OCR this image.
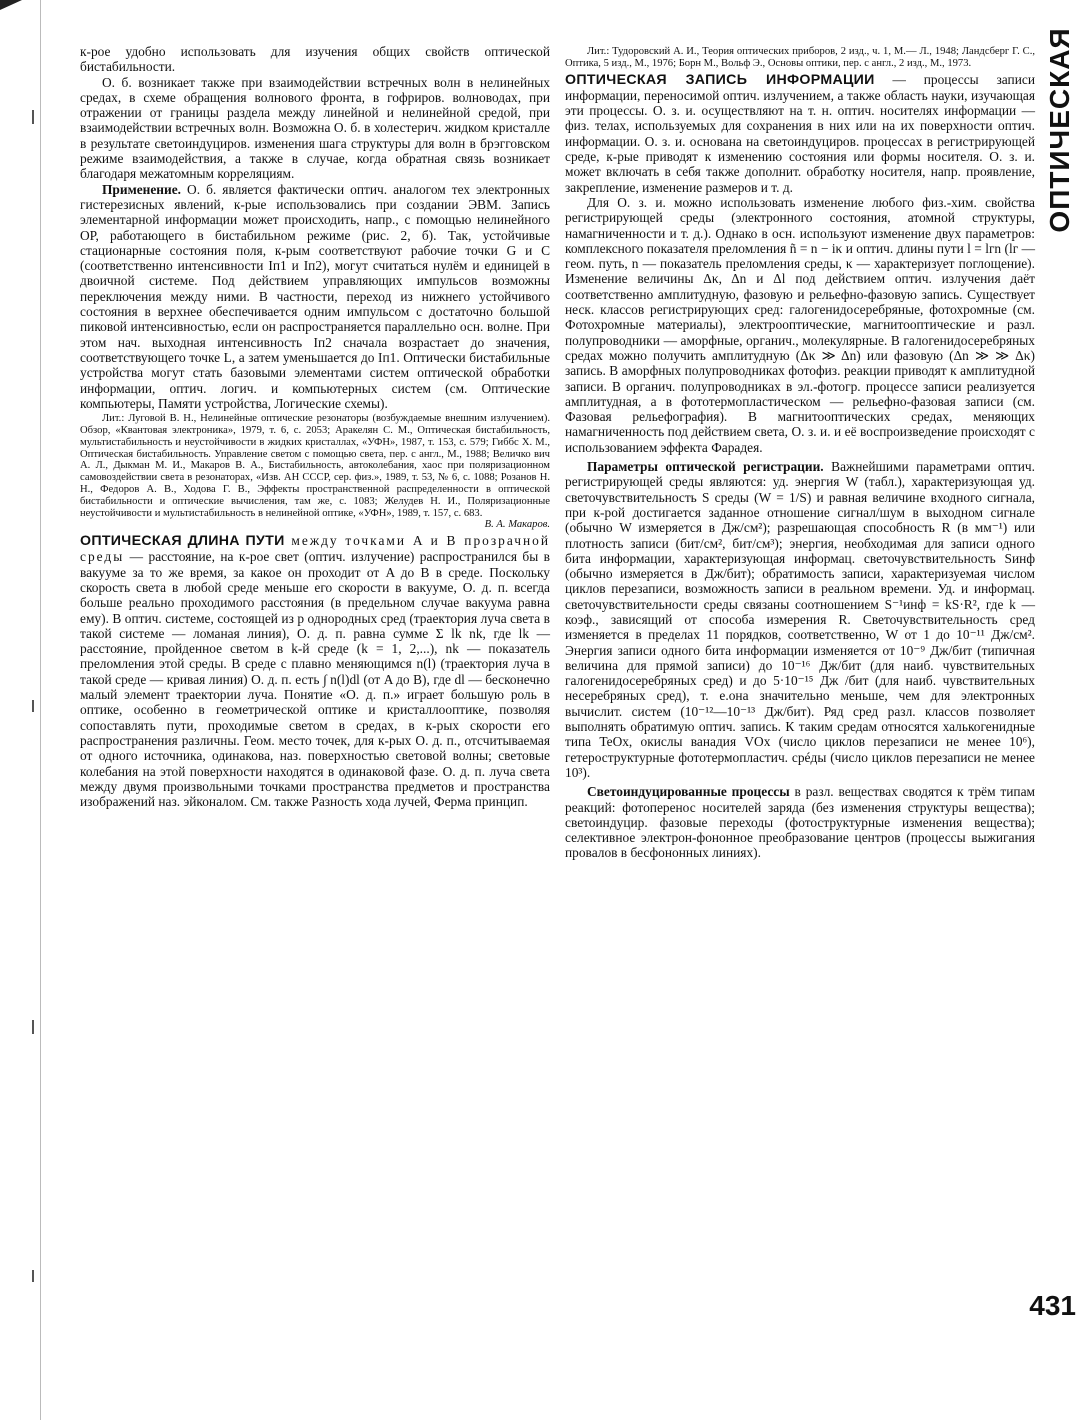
к-рое удобно использовать для изучения общих свойств оптической бистабильности.

О. б. возникает также при взаимодействии встречных волн в нелинейных средах, в схеме обращения волнового фронта, в гофриров. волноводах, при отражении от границы раздела между линейной и нелинейной средой, при взаимодействии встречных волн. Возможна О. б. в холестерич. жидком кристалле в результате светоиндуциров. изменения шага структуры для волн в брэгговском режиме взаимодействия, а также в случае, когда обратная связь возникает благодаря межатомным корреляциям.

Применение. О. б. является фактически оптич. аналогом тех электронных гистерезисных явлений, к-рые использовались при создании ЭВМ. Запись элементарной информации может происходить, напр., с помощью нелинейного ОР, работающего в бистабильном режиме (рис. 2, б). Так, устойчивые стационарные состояния поля, к-рым соответствуют рабочие точки G и C (соответственно интенсивности Iп1 и Iп2), могут считаться нулём и единицей в двоичной системе. Под действием управляющих импульсов возможны переключения между ними. В частности, переход из нижнего устойчивого состояния в верхнее обеспечивается одним импульсом с достаточно большой пиковой интенсивностью, если он распространяется параллельно осн. волне. При этом нач. выходная интенсивность Iп2 сначала возрастает до значения, соответствующего точке L, а затем уменьшается до Iп1. Оптически бистабильные устройства могут стать базовыми элементами систем оптической обработки информации, оптич. логич. и компьютерных систем (см. Оптические компьютеры, Памяти устройства, Логические схемы).

Лит.: Луговой В. Н., Нелинейные оптические резонаторы (возбуждаемые внешним излучением). Обзор, «Квантовая электроника», 1979, т. 6, с. 2053; Аракелян С. М., Оптическая бистабильность, мультистабильность и неустойчивости в жидких кристаллах, «УФН», 1987, т. 153, с. 579; Гиббс Х. М., Оптическая бистабильность. Управление светом с помощью света, пер. с англ., М., 1988; Величко вич А. Л., Дыкман М. И., Макаров В. А., Бистабильность, автоколебания, хаос при поляризационном самовоздействии света в резонаторах, «Изв. АН СССР, сер. физ.», 1989, т. 53, № 6, с. 1088; Розанов Н. Н., Федоров А. В., Ходова Г. В., Эффекты пространственной распределенности в оптической бистабильности и оптические вычисления, там же, с. 1083; Желудев Н. И., Поляризационные неустойчивости и мультистабильность в нелинейной оптике, «УФН», 1989, т. 157, с. 683.
В. А. Макаров.

ОПТИЧЕСКАЯ ДЛИНА ПУТИ между точками A и B прозрачной среды — расстояние, на к-рое свет (оптич. излучение) распространился бы в вакууме за то же время, за какое он проходит от A до B в среде. Поскольку скорость света в любой среде меньше его скорости в вакууме, О. д. п. всегда больше реально проходимого расстояния (в предельном случае вакуума равна ему). В оптич. системе, состоящей из p однородных сред (траектория луча света в такой системе — ломаная линия), О. д. п. равна сумме Σ lk nk, где lk — расстояние, пройденное светом в k-й среде (k = 1, 2,...), nk — показатель преломления этой среды. В среде с плавно меняющимся n(l) (траектория луча в такой среде — кривая линия) О. д. п. есть ∫ n(l)dl (от A до B), где dl — бесконечно малый элемент траектории луча. Понятие «О. д. п.» играет большую роль в оптике, особенно в геометрической оптике и кристаллооптике, позволяя сопоставлять пути, проходимые светом в средах, в к-рых скорости его распространения различны. Геом. место точек, для к-рых О. д. п., отсчитываемая от одного источника, одинакова, наз. поверхностью световой волны; световые колебания на этой поверхности находятся в одинаковой фазе. О. д. п. луча света между двумя произвольными точками пространства предметов и пространства изображений наз. эйконалом. См. также Разность хода лучей, Ферма принцип.

Лит.: Тудоровский А. И., Теория оптических приборов, 2 изд., ч. 1, М.— Л., 1948; Ландсберг Г. С., Оптика, 5 изд., М., 1976; Борн М., Вольф Э., Основы оптики, пер. с англ., 2 изд., М., 1973.

ОПТИЧЕСКАЯ ЗАПИСЬ ИНФОРМАЦИИ — процессы записи информации, переносимой оптич. излучением, а также область науки, изучающая эти процессы. О. з. и. осуществляют на т. н. оптич. носителях информации — физ. телах, используемых для сохранения в них или на их поверхности оптич. информации. О. з. и. основана на светоиндуциров. процессах в регистрирующей среде, к-рые приводят к изменению состояния или формы носителя. О. з. и. может включать в себя также дополнит. обработку носителя, напр. проявление, закрепление, изменение размеров и т. д.

Для О. з. и. можно использовать изменение любого физ.-хим. свойства регистрирующей среды (электронного состояния, атомной структуры, намагниченности и т. д.). Однако в осн. используют изменение двух параметров: комплексного показателя преломления ñ = n − iκ и оптич. длины пути l = lгn (lг — геом. путь, n — показатель преломления среды, κ — характеризует поглощение). Изменение величины Δκ, Δn и Δl под действием оптич. излучения даёт соответственно амплитудную, фазовую и рельефно-фазовую запись. Существует неск. классов регистрирующих сред: галогенидосеребряные, фотохромные (см. Фотохромные материалы), электрооптические, магнитооптические и разл. полупроводники — аморфные, органич., молекулярные. В галогенидосеребряных средах можно получить амплитудную (Δκ ≫ Δn) или фазовую (Δn ≫ ≫ Δκ) запись. В аморфных полупроводниках фотофиз. реакции приводят к амплитудной записи. В органич. полупроводниках в эл.-фотогр. процессе записи реализуется амплитудная, а в фототермопластическом — рельефно-фазовая записи (см. Фазовая рельефография). В магнитооптических средах, меняющих намагниченность под действием света, О. з. и. и её воспроизведение происходят с использованием эффекта Фарадея.

Параметры оптической регистрации. Важнейшими параметрами оптич. регистрирующей среды являются: уд. энергия W (табл.), характеризующая уд. светочувствительность S среды (W = 1/S) и равная величине входного сигнала, при к-рой достигается заданное отношение сигнал/шум в выходном сигнале (обычно W измеряется в Дж/см²); разрешающая способность R (в мм⁻¹) или плотность записи (бит/см², бит/см³); энергия, необходимая для записи одного бита информации, характеризующая информац. светочувствительность Sинф (обычно измеряется в Дж/бит); обратимость записи, характеризуемая числом циклов перезаписи, возможность записи в реальном времени. Уд. и информац. светочувствительности среды связаны соотношением S⁻¹инф = kS·R², где k — коэф., зависящий от способа измерения R. Светочувствительность сред изменяется в пределах 11 порядков, соответственно, W от 1 до 10⁻¹¹ Дж/см². Энергия записи одного бита информации изменяется от 10⁻⁹ Дж/бит (типичная величина для прямой записи) до 10⁻¹⁶ Дж/бит (для наиб. чувствительных галогенидосеребряных сред) и до 5·10⁻¹⁵ Дж /бит (для наиб. чувствительных несеребряных сред), т. е.она значительно меньше, чем для электронных вычислит. систем (10⁻¹²—10⁻¹³ Дж/бит). Ряд сред разл. классов позволяет выполнять обратимую оптич. запись. К таким средам относятся халькогенидные типа TeOx, окислы ванадия VOx (число циклов перезаписи не менее 10⁶), гетероструктурные фототермопластич. срéды (число циклов перезаписи не менее 10³).

Светоиндуцированные процессы в разл. веществах сводятся к трём типам реакций: фотоперенос носителей заряда (без изменения структуры вещества); светоиндуцир. фазовые переходы (фотоструктурные изменения вещества); селективное электрон-фононное преобразование центров (процессы выжигания провалов в бесфононных линиях).

ОПТИЧЕСКАЯ
431
